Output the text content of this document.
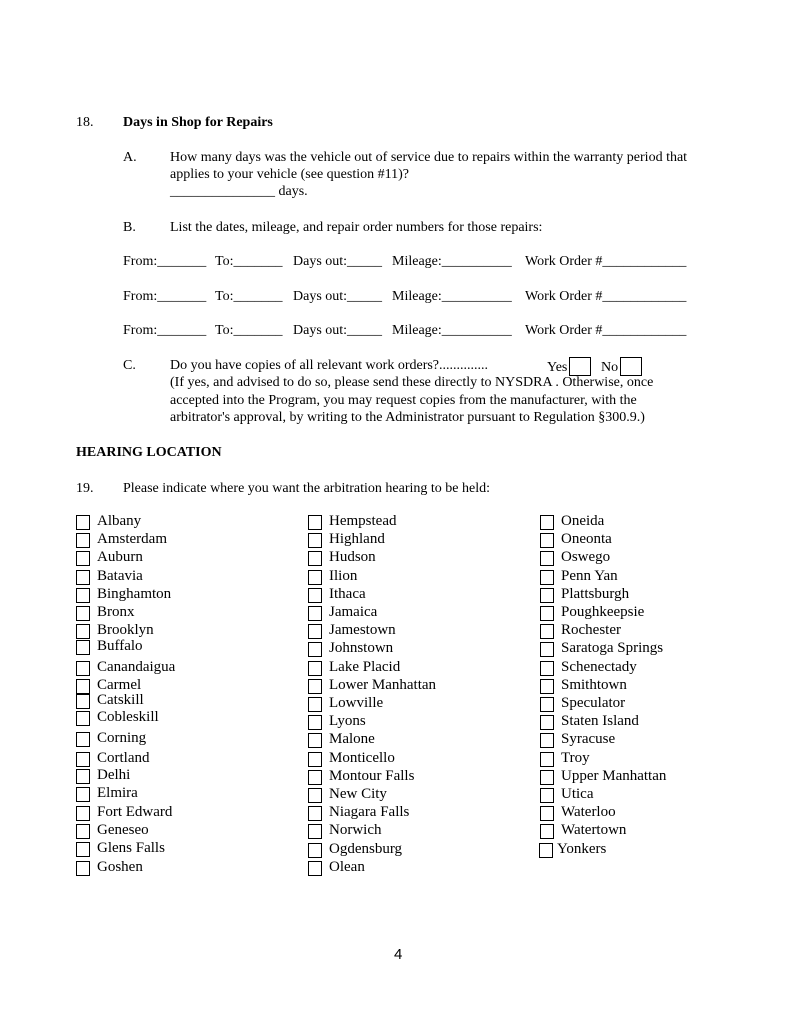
18. Days in Shop for Repairs
A. How many days was the vehicle out of service due to repairs within the warranty period that
applies to your vehicle (see question #11)?
_______________ days.
B. List the dates, mileage, and repair order numbers for those repairs:
From:_______ To:_______ Days out:_____ Mileage:__________ Work Order #____________
From:_______ To:_______ Days out:_____ Mileage:__________ Work Order #____________
From:_______ To:_______ Days out:_____ Mileage:__________ Work Order #____________
C. Do you have copies of all relevant work orders?..............	Yes	No
(If yes, and advised to do so, please send these directly to NYSDRA . Otherwise, once
accepted into the Program, you may request copies from the manufacturer, with the
arbitrator's approval, by writing to the Administrator pursuant to Regulation §300.9.)
HEARING LOCATION
19. Please indicate where you want the arbitration hearing to be held:
Albany
Amsterdam
Auburn
Batavia
Binghamton
Bronx
Brooklyn
Buffalo
Canandaigua
Carmel
Catskill
Cobleskill
Corning
Cortland
Delhi
Elmira
Fort Edward
Geneseo
Glens Falls
Goshen
Hempstead
Highland
Hudson
Ilion
Ithaca
Jamaica
Jamestown
Johnstown
Lake Placid
Lower Manhattan
Lowville
Lyons
Malone
Monticello
Montour Falls
New City
Niagara Falls
Norwich
Ogdensburg
Olean
Oneida
Oneonta
Oswego
Penn Yan
Plattsburgh
Poughkeepsie
Rochester
Saratoga Springs
Schenectady
Smithtown
Speculator
Staten Island
Syracuse
Troy
Upper Manhattan
Utica
Waterloo
Watertown
Yonkers
4
